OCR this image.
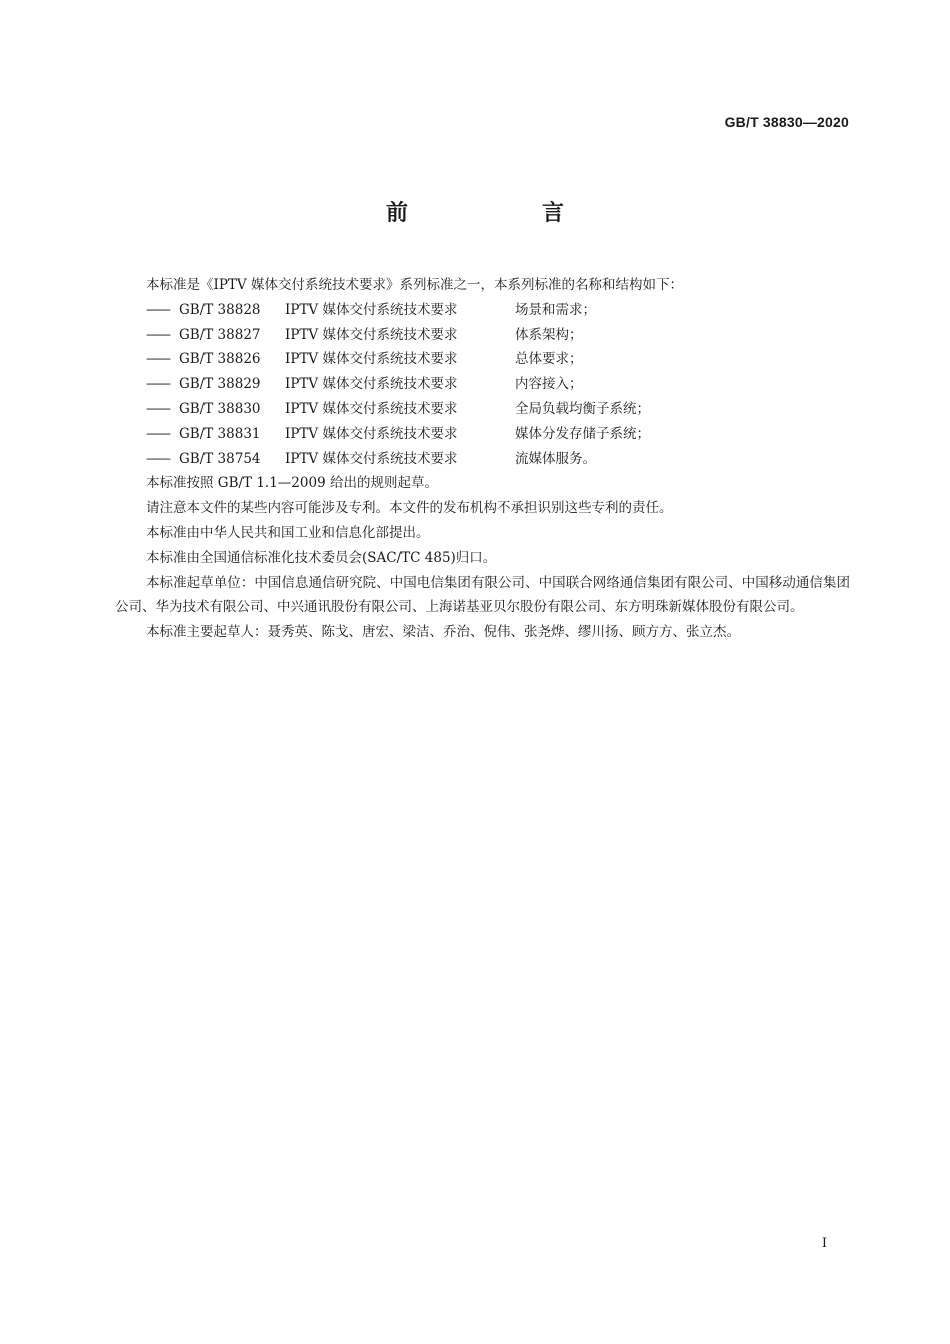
GB/T 38830—2020
前　言

本标准是《IPTV 媒体交付系统技术要求》系列标准之一，本系列标准的名称和结构如下：

—— GB/T 38828	IPTV 媒体交付系统技术要求	场景和需求；
—— GB/T 38827	IPTV 媒体交付系统技术要求	体系架构；
—— GB/T 38826	IPTV 媒体交付系统技术要求	总体要求；
—— GB/T 38829	IPTV 媒体交付系统技术要求	内容接入；
—— GB/T 38830	IPTV 媒体交付系统技术要求	全局负载均衡子系统；
—— GB/T 38831	IPTV 媒体交付系统技术要求	媒体分发存储子系统；
—— GB/T 38754	IPTV 媒体交付系统技术要求	流媒体服务。

本标准按照 GB/T 1.1—2009 给出的规则起草。

请注意本文件的某些内容可能涉及专利。本文件的发布机构不承担识别这些专利的责任。

本标准由中华人民共和国工业和信息化部提出。

本标准由全国通信标准化技术委员会(SAC/TC 485)归口。

本标准起草单位：中国信息通信研究院、中国电信集团有限公司、中国联合网络通信集团有限公司、中国移动通信集团公司、华为技术有限公司、中兴通讯股份有限公司、上海诺基亚贝尔股份有限公司、东方明珠新媒体股份有限公司。

本标准主要起草人：聂秀英、陈戈、唐宏、梁洁、乔治、倪伟、张尧烨、缪川扬、顾方方、张立杰。

I
